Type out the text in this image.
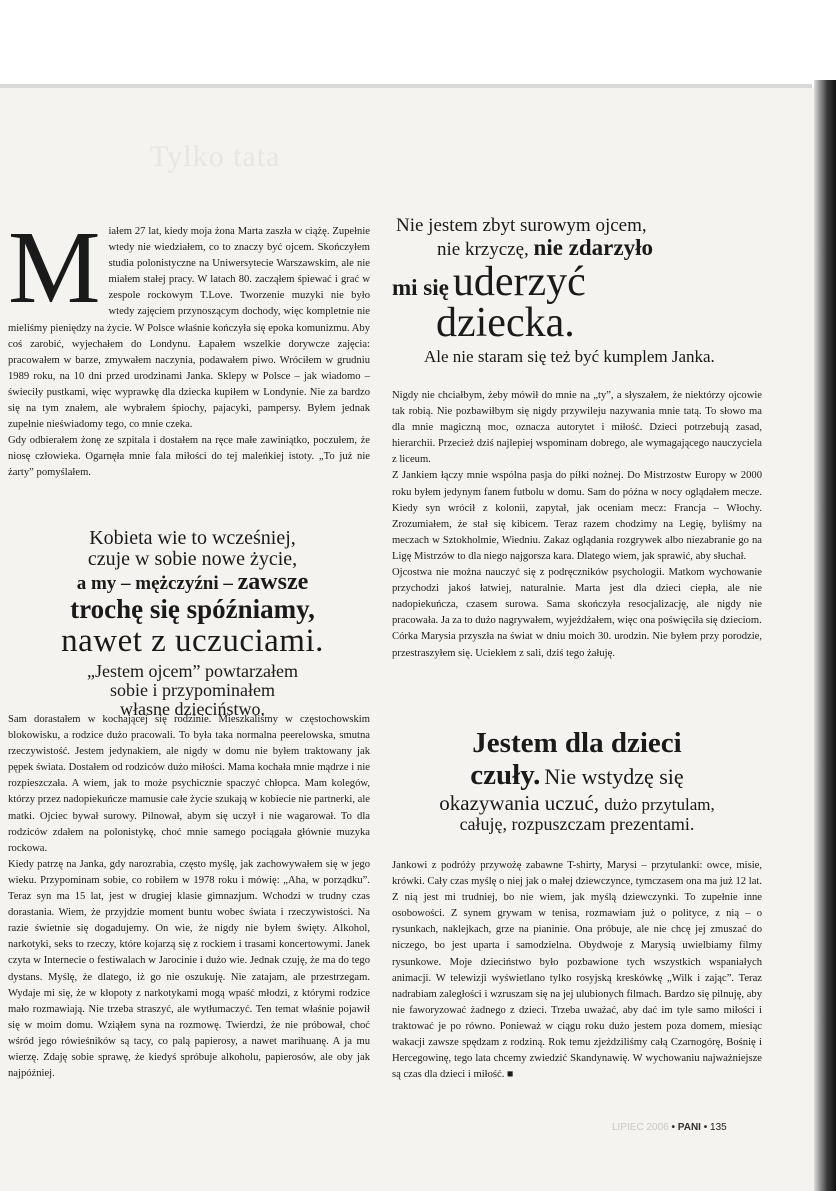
Tylko tata
M iałem 27 lat, kiedy moja żona Marta zaszła w ciążę. Zupełnie wtedy nie wiedziałem, co to znaczy być ojcem. Skończyłem studia polonistyczne na Uniwersytecie Warszawskim, ale nie miałem stałej pracy. W latach 80. zacząłem śpiewać i grać w zespole rockowym T.Love. Tworzenie muzyki nie było wtedy zajęciem przynoszącym dochody, więc kompletnie nie mieliśmy pieniędzy na życie. W Polsce właśnie kończyła się epoka komunizmu. Aby coś zarobić, wyjechałem do Londynu. Łapałem wszelkie dorywcze zajęcia: pracowałem w barze, zmywałem naczynia, podawałem piwo. Wróciłem w grudniu 1989 roku, na 10 dni przed urodzinami Janka. Sklepy w Polsce – jak wiadomo – świeciły pustkami, więc wyprawkę dla dziecka kupiłem w Londynie. Nie za bardzo się na tym znałem, ale wybrałem śpiochy, pajacyki, pampersy. Byłem jednak zupełnie nieświadomy tego, co mnie czeka.

Gdy odbierałem żonę ze szpitala i dostałem na ręce małe zawiniątko, poczułem, że niosę człowieka. Ogarnęła mnie fala miłości do tej maleńkiej istoty. „To już nie żarty” pomyślałem.

Kobieta wie to wcześniej,
czuje w sobie nowe życie,
a my – mężczyźni – zawsze
trochę się spóźniamy,
nawet z uczuciami.
„Jestem ojcem” powtarzałem
sobie i przypominałem
własne dzieciństwo.

Sam dorastałem w kochającej się rodzinie. Mieszkaliśmy w częstochowskim blokowisku, a rodzice dużo pracowali. To była taka normalna peerelowska, smutna rzeczywistość. Jestem jedynakiem, ale nigdy w domu nie byłem traktowany jak pępek świata. Dostałem od rodziców dużo miłości. Mama kochała mnie mądrze i nie rozpieszczała. A wiem, jak to może psychicznie spaczyć chłopca. Mam kolegów, którzy przez nadopiekuńcze mamusie całe życie szukają w kobiecie nie partnerki, ale matki. Ojciec bywał surowy. Pilnował, abym się uczył i nie wagarował. To dla rodziców zdałem na polonistykę, choć mnie samego pociągała głównie muzyka rockowa.

Kiedy patrzę na Janka, gdy narozrabia, często myślę, jak zachowywałem się w jego wieku. Przypominam sobie, co robiłem w 1978 roku i mówię: „Aha, w porządku”. Teraz syn ma 15 lat, jest w drugiej klasie gimnazjum. Wchodzi w trudny czas dorastania. Wiem, że przyjdzie moment buntu wobec świata i rzeczywistości. Na razie świetnie się dogadujemy. On wie, że nigdy nie byłem święty. Alkohol, narkotyki, seks to rzeczy, które kojarzą się z rockiem i trasami koncertowymi. Janek czyta w Internecie o festiwalach w Jarocinie i dużo wie. Jednak czuję, że ma do tego dystans. Myślę, że dlatego, iż go nie oszukuję. Nie zatajam, ale przestrzegam. Wydaje mi się, że w kłopoty z narkotykami mogą wpaść młodzi, z którymi rodzice mało rozmawiają. Nie trzeba straszyć, ale wytłumaczyć. Ten temat właśnie pojawił się w moim domu. Wziąłem syna na rozmowę. Twierdzi, że nie próbował, choć wśród jego rówieśników są tacy, co palą papierosy, a nawet marihuanę. A ja mu wierzę. Zdaję sobie sprawę, że kiedyś spróbuje alkoholu, papierosów, ale oby jak najpóźniej.

Nie jestem zbyt surowym ojcem,
nie krzyczę, nie zdarzyło
mi się uderzyć
dziecka.
Ale nie staram się też być kumplem Janka.

Nigdy nie chciałbym, żeby mówił do mnie na „ty”, a słyszałem, że niektórzy ojcowie tak robią. Nie pozbawiłbym się nigdy przywileju nazywania mnie tatą. To słowo ma dla mnie magiczną moc, oznacza autorytet i miłość. Dzieci potrzebują zasad, hierarchii. Przecież dziś najlepiej wspominam dobrego, ale wymagającego nauczyciela z liceum.

Z Jankiem łączy mnie wspólna pasja do piłki nożnej. Do Mistrzostw Europy w 2000 roku byłem jedynym fanem futbolu w domu. Sam do późna w nocy oglądałem mecze. Kiedy syn wrócił z kolonii, zapytał, jak oceniam mecz: Francja – Włochy. Zrozumiałem, że stał się kibicem. Teraz razem chodzimy na Legię, byliśmy na meczach w Sztokholmie, Wiedniu. Zakaz oglądania rozgrywek albo niezabranie go na Ligę Mistrzów to dla niego najgorsza kara. Dlatego wiem, jak sprawić, aby słuchał.

Ojcostwa nie można nauczyć się z podręczników psychologii. Matkom wychowanie przychodzi jakoś łatwiej, naturalnie. Marta jest dla dzieci ciepła, ale nie nadopiekuńcza, czasem surowa. Sama skończyła resocjalizację, ale nigdy nie pracowała. Ja za to dużo nagrywałem, wyjeżdżałem, więc ona poświęciła się dzieciom.

Córka Marysia przyszła na świat w dniu moich 30. urodzin. Nie byłem przy porodzie, przestraszyłem się. Uciekłem z sali, dziś tego żałuję.

Jestem dla dzieci
czuły. Nie wstydzę się
okazywania uczuć, dużo przytulam,
całuję, rozpuszczam prezentami.

Jankowi z podróży przywożę zabawne T-shirty, Marysi – przytulanki: owce, misie, krówki. Cały czas myślę o niej jak o małej dziewczynce, tymczasem ona ma już 12 lat. Z nią jest mi trudniej, bo nie wiem, jak myślą dziewczynki. To zupełnie inne osobowości. Z synem grywam w tenisa, rozmawiam już o polityce, z nią – o rysunkach, naklejkach, grze na pianinie. Ona próbuje, ale nie chcę jej zmuszać do niczego, bo jest uparta i samodzielna. Obydwoje z Marysią uwielbiamy filmy rysunkowe. Moje dzieciństwo było pozbawione tych wszystkich wspaniałych animacji. W telewizji wyświetlano tylko rosyjską kreskówkę „Wilk i zając”. Teraz nadrabiam zaległości i wzruszam się na jej ulubionych filmach. Bardzo się pilnuję, aby nie faworyzować żadnego z dzieci. Trzeba uważać, aby dać im tyle samo miłości i traktować je po równo. Ponieważ w ciągu roku dużo jestem poza domem, miesiąc wakacji zawsze spędzam z rodziną. Rok temu zjeździliśmy całą Czarnogórę, Bośnię i Hercegowinę, tego lata chcemy zwiedzić Skandynawię. W wychowaniu najważniejsze są czas dla dzieci i miłość. ■

LIPIEC 2006 • PANI • 135
